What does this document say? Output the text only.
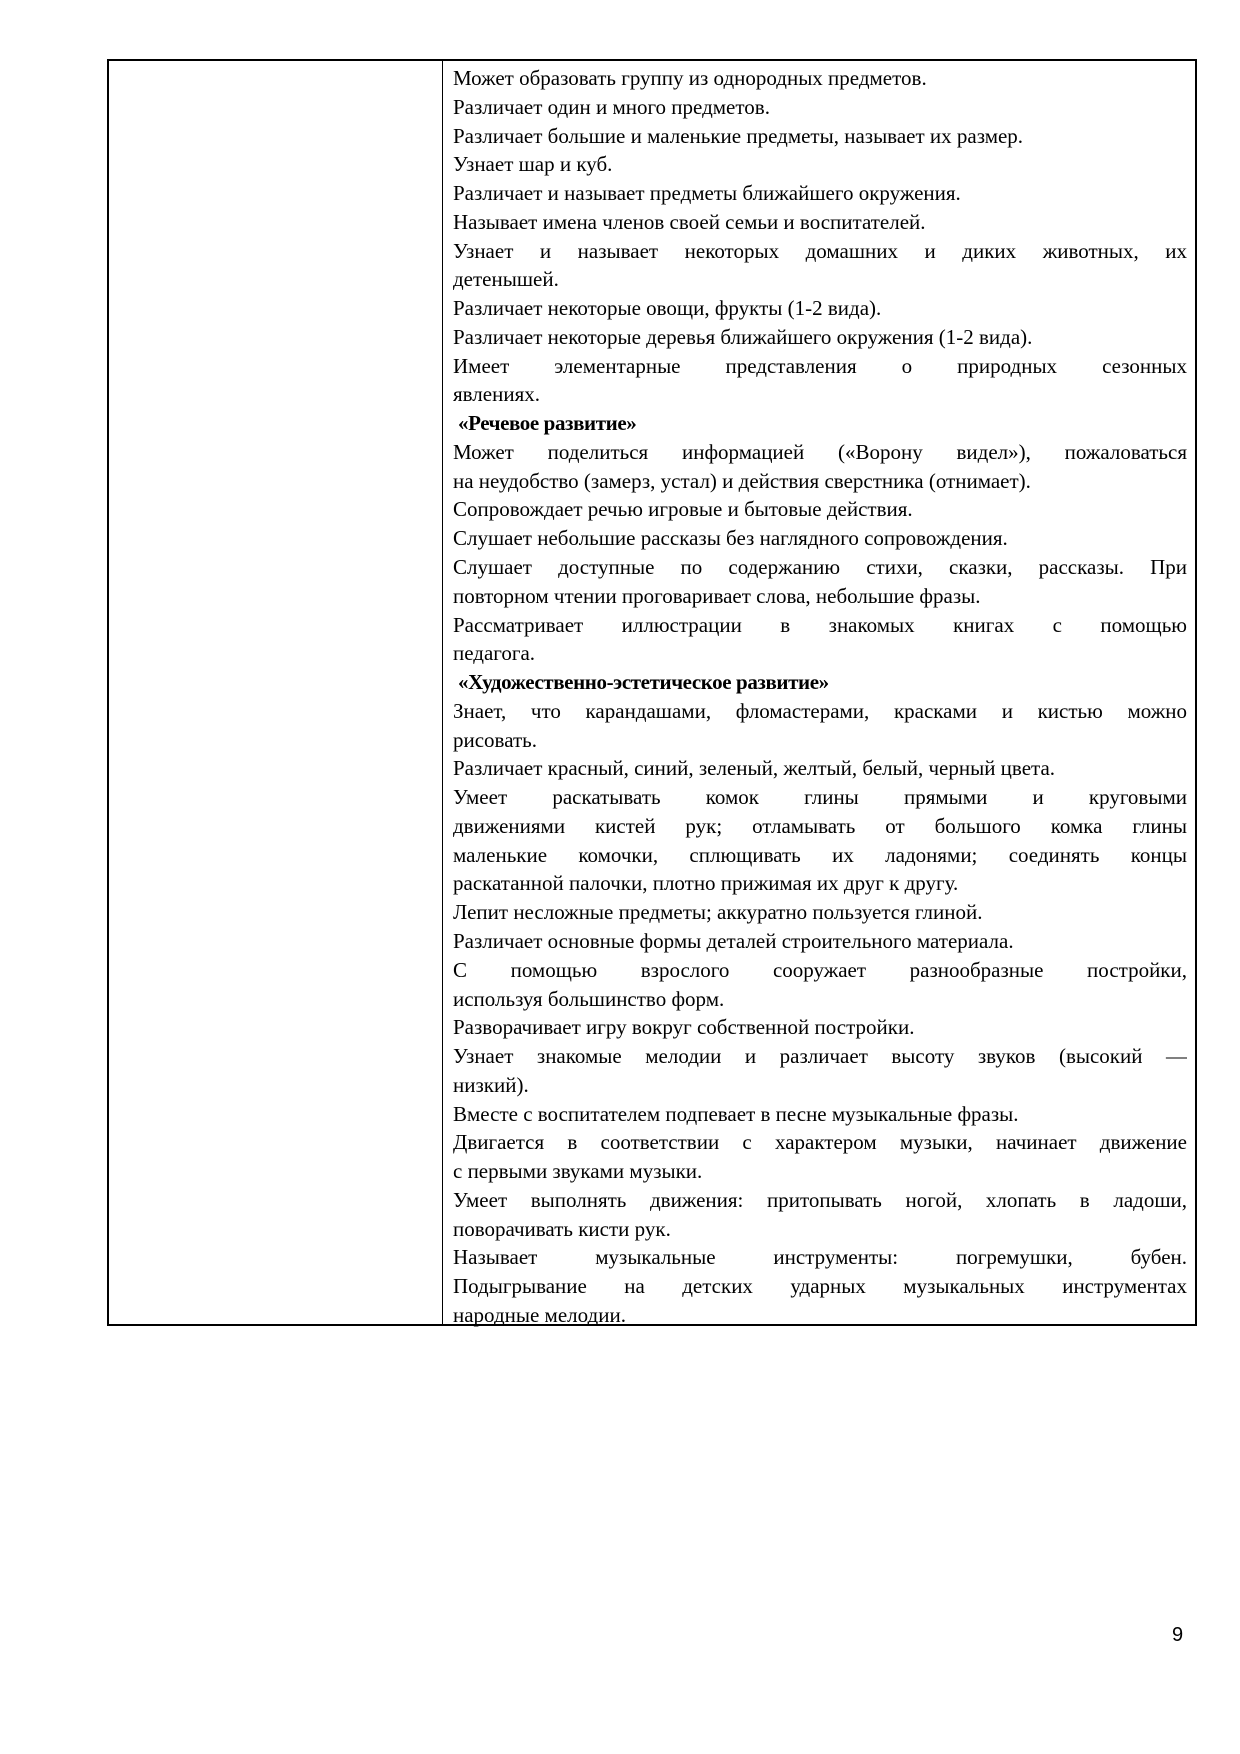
Может образовать группу из однородных предметов.
Различает один и много предметов.
Различает большие и маленькие предметы, называет их размер.
Узнает шар и куб.
Различает и называет предметы ближайшего окружения.
Называет имена членов своей семьи и воспитателей.
Узнает и называет некоторых домашних и диких животных, их
детенышей.
Различает некоторые овощи, фрукты (1-2 вида).
Различает некоторые деревья ближайшего окружения (1-2 вида).
Имеет элементарные представления о природных сезонных
явлениях.
«Речевое развитие»
Может поделиться информацией («Ворону видел»), пожаловаться
на неудобство (замерз, устал) и действия сверстника (отнимает).
Сопровождает речью игровые и бытовые действия.
Слушает небольшие рассказы без наглядного сопровождения.
Слушает доступные по содержанию стихи, сказки, рассказы. При
повторном чтении проговаривает слова, небольшие фразы.
Рассматривает иллюстрации в знакомых книгах с помощью
педагога.
«Художественно-эстетическое развитие»
Знает, что карандашами, фломастерами, красками и кистью можно
рисовать.
Различает красный, синий, зеленый, желтый, белый, черный цвета.
Умеет раскатывать комок глины прямыми и круговыми
движениями кистей рук; отламывать от большого комка глины
маленькие комочки, сплющивать их ладонями; соединять концы
раскатанной палочки, плотно прижимая их друг к другу.
Лепит несложные предметы; аккуратно пользуется глиной.
Различает основные формы деталей строительного материала.
С помощью взрослого сооружает разнообразные постройки,
используя большинство форм.
Разворачивает игру вокруг собственной постройки.
Узнает знакомые мелодии и различает высоту звуков (высокий —
низкий).
Вместе с воспитателем подпевает в песне музыкальные фразы.
Двигается в соответствии с характером музыки, начинает движение
с первыми звуками музыки.
Умеет выполнять движения: притопывать ногой, хлопать в ладоши,
поворачивать кисти рук.
Называет музыкальные инструменты: погремушки, бубен.
Подыгрывание на детских ударных музыкальных инструментах
народные мелодии.
9
